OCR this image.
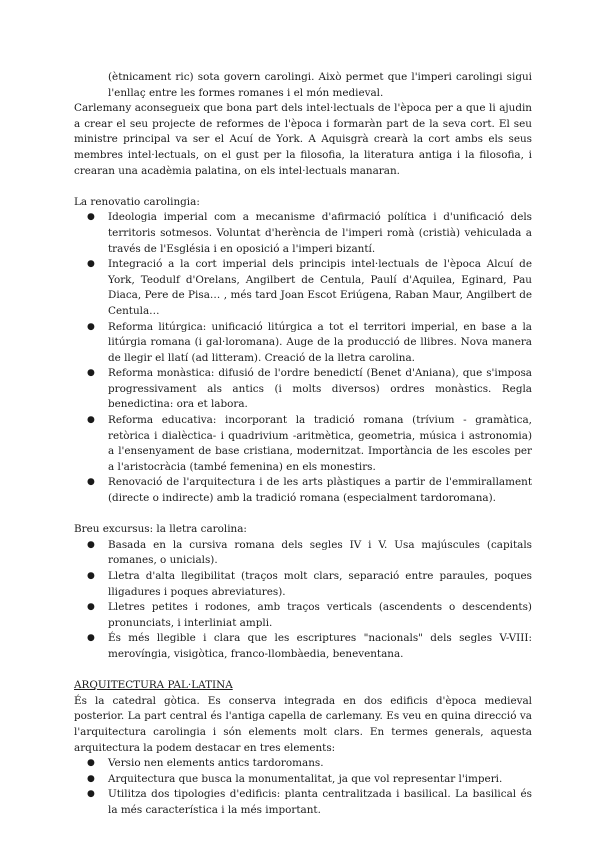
(ètnicament ric) sota govern carolingi. Això permet que l'imperi carolingi sigui l'enllaç entre les formes romanes i el món medieval.

Carlemany aconsegueix que bona part dels intel·lectuals de l'època per a que li ajudin a crear el seu projecte de reformes de l'època i formaràn part de la seva cort. El seu ministre principal va ser el Acuí de York. A Aquisgrà crearà la cort ambs els seus membres intel·lectuals, on el gust per la filosofia, la literatura antiga i la filosofia, i crearan una acadèmia palatina, on els intel·lectuals manaran.

La renovatio carolingia:

● Ideologia imperial com a mecanisme d'afirmació política i d'unificació dels territoris sotmesos. Voluntat d'herència de l'imperi romà (cristià) vehiculada a través de l'Església i en oposició a l'imperi bizantí.
● Integració a la cort imperial dels principis intel·lectuals de l'època Alcuí de York, Teodulf d'Orelans, Angilbert de Centula, Paulí d'Aquilea, Eginard, Pau Diaca, Pere de Pisa… , més tard Joan Escot Eriúgena, Raban Maur, Angilbert de Centula…
● Reforma litúrgica: unificació litúrgica a tot el territori imperial, en base a la litúrgia romana (i gal·loromana). Auge de la producció de llibres. Nova manera de llegir el llatí (ad litteram). Creació de la lletra carolina.
● Reforma monàstica: difusió de l'ordre benedictí (Benet d'Aniana), que s'imposa progressivament als antics (i molts diversos) ordres monàstics. Regla benedictina: ora et labora.
● Reforma educativa: incorporant la tradició romana (trívium - gramàtica, retòrica i dialèctica- i quadrivium -aritmètica, geometria, música i astronomia) a l'ensenyament de base cristiana, modernitzat. Importància de les escoles per a l'aristocràcia (també femenina) en els monestirs.
● Renovació de l'arquitectura i de les arts plàstiques a partir de l'emmirallament (directe o indirecte) amb la tradició romana (especialment tardoromana).

Breu excursus: la lletra carolina:

● Basada en la cursiva romana dels segles IV i V. Usa majúscules (capitals romanes, o unicials).
● Lletra d'alta llegibilitat (traços molt clars, separació entre paraules, poques lligadures i poques abreviatures).
● Lletres petites i rodones, amb traços verticals (ascendents o descendents) pronunciats, i interliniat ampli.
● És més llegible i clara que les escriptures "nacionals" dels segles V-VIII: merovíngia, visigòtica, franco-llombàedia, beneventana.

ARQUITECTURA PAL·LATINA

És la catedral gòtica. Es conserva integrada en dos edificis d'època medieval posterior. La part central és l'antiga capella de carlemany. Es veu en quina direcció va l'arquitectura carolingia i són elements molt clars. En termes generals, aquesta arquitectura la podem destacar en tres elements:

● Versio nen elements antics tardoromans.
● Arquitectura que busca la monumentalitat, ja que vol representar l'imperi.
● Utilitza dos tipologies d'edificis: planta centralitzada i basilical. La basilical és la més característica i la més important.
